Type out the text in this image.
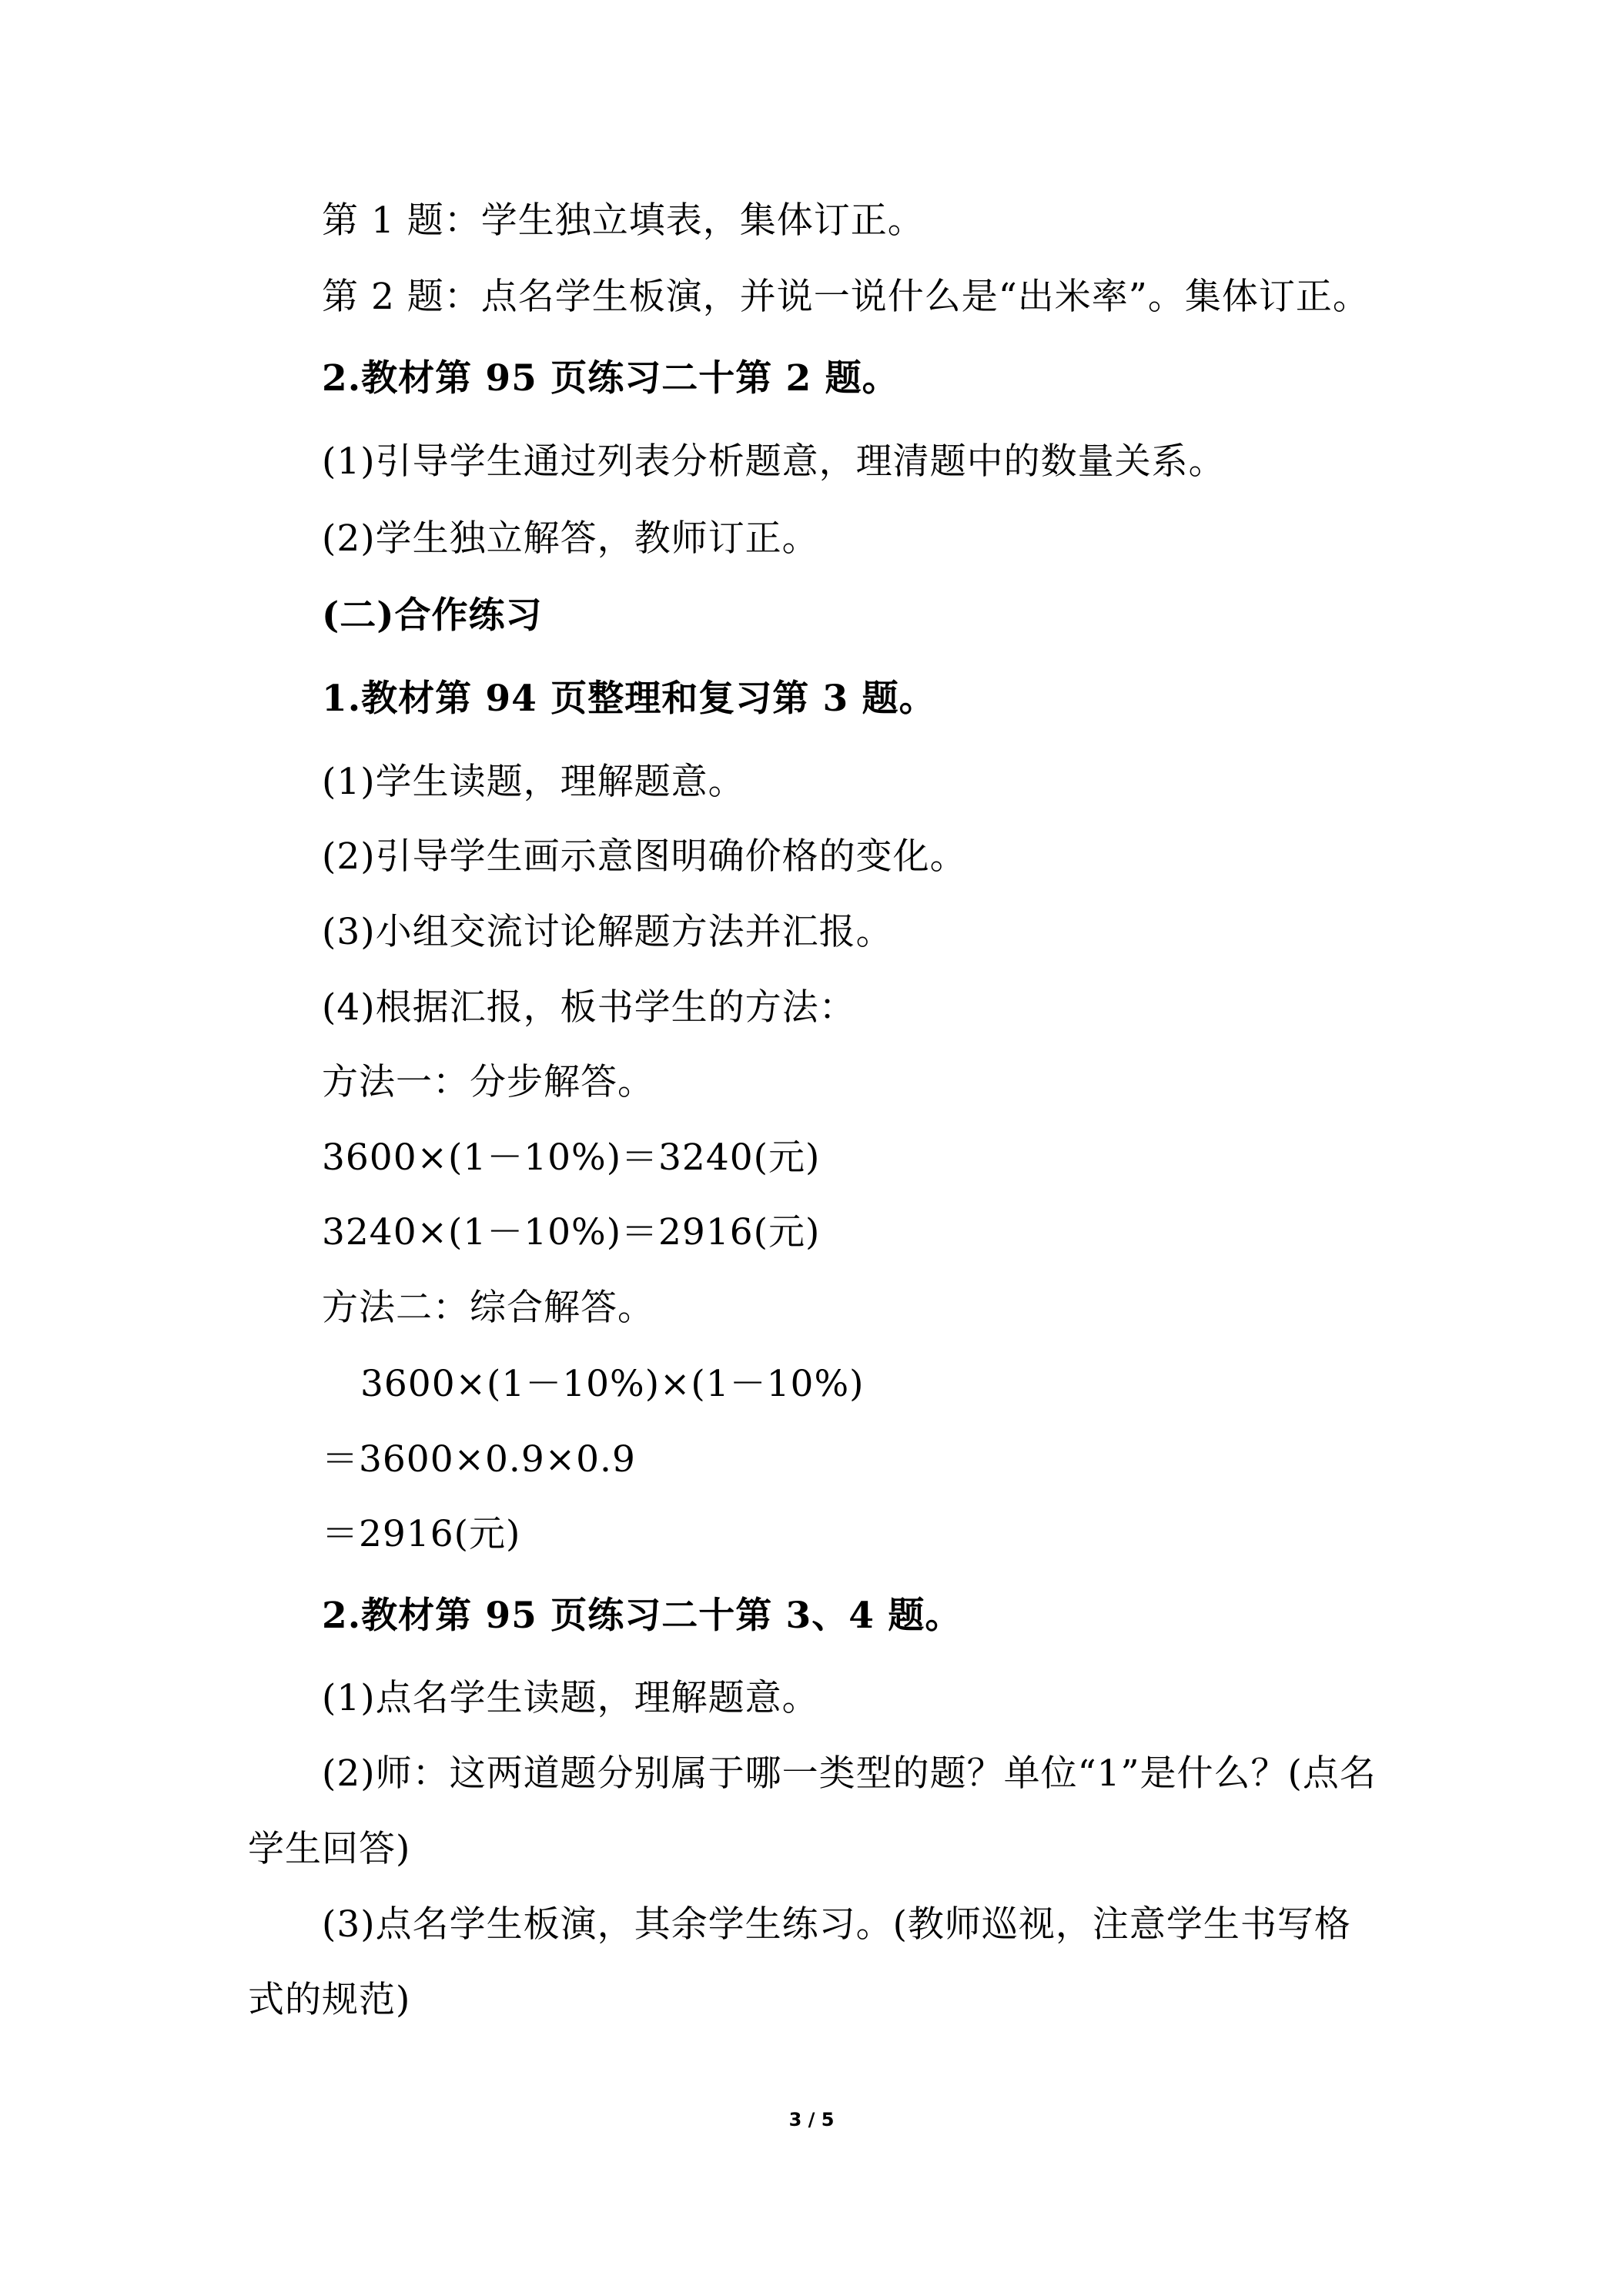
第 1 题：学生独立填表，集体订正。
第 2 题：点名学生板演，并说一说什么是“出米率”。集体订正。
2.教材第 95 页练习二十第 2 题。
(1)引导学生通过列表分析题意，理清题中的数量关系。
(2)学生独立解答，教师订正。
(二)合作练习
1.教材第 94 页整理和复习第 3 题。
(1)学生读题，理解题意。
(2)引导学生画示意图明确价格的变化。
(3)小组交流讨论解题方法并汇报。
(4)根据汇报，板书学生的方法：
方法一：分步解答。
3600×(1－10%)＝3240(元)
3240×(1－10%)＝2916(元)
方法二：综合解答。
3600×(1－10%)×(1－10%)
＝3600×0.9×0.9
＝2916(元)
2.教材第 95 页练习二十第 3、4 题。
(1)点名学生读题，理解题意。
(2)师：这两道题分别属于哪一类型的题？单位“1”是什么？(点名
学生回答)
(3)点名学生板演，其余学生练习。(教师巡视，注意学生书写格
式的规范)
3 / 5
